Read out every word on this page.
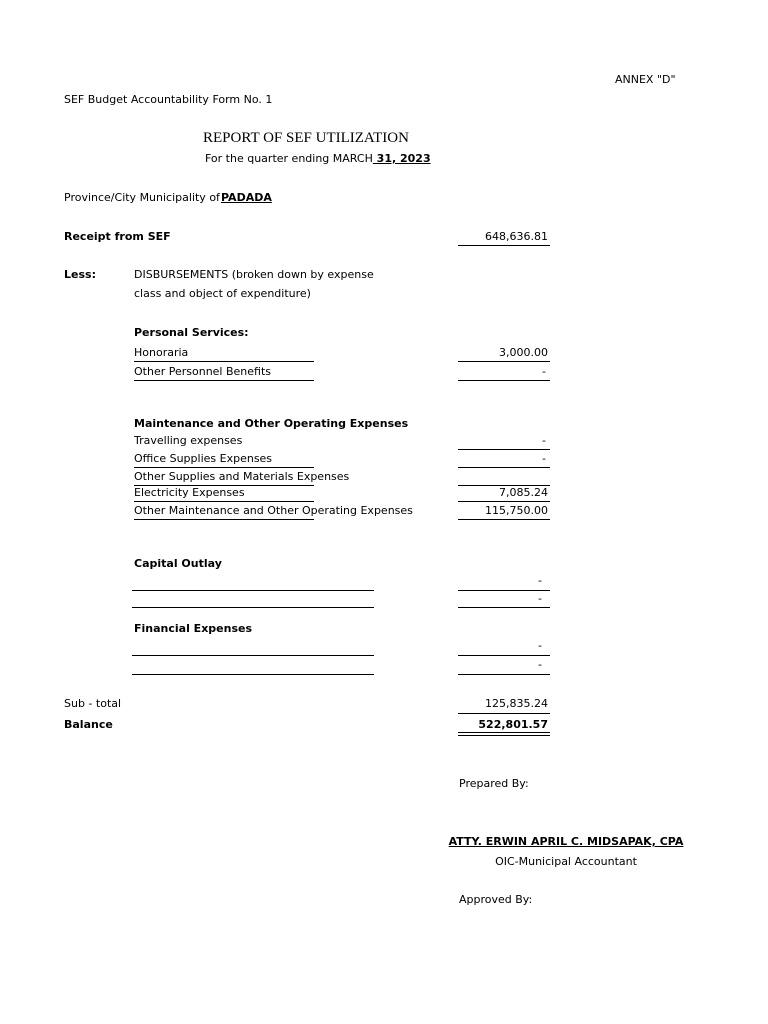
ANNEX "D"
SEF Budget Accountability Form No. 1
REPORT OF SEF UTILIZATION
For the quarter ending MARCH 31, 2023
Province/City Municipality of PADADA
Receipt from SEF	648,636.81
Less:	DISBURSEMENTS (broken down by expense
class and object of expenditure)
Personal Services:
Honoraria	3,000.00
Other Personnel Benefits	-
Maintenance and Other Operating Expenses
Travelling expenses	-
Office Supplies Expenses	-
Other Supplies and Materials Expenses
Electricity Expenses	7,085.24
Other Maintenance and Other Operating Expenses	115,750.00
Capital Outlay
-
-
Financial Expenses
-
-
Sub - total	125,835.24
Balance	522,801.57
Prepared By:
ATTY. ERWIN APRIL C. MIDSAPAK, CPA
OIC-Municipal Accountant
Approved By:
